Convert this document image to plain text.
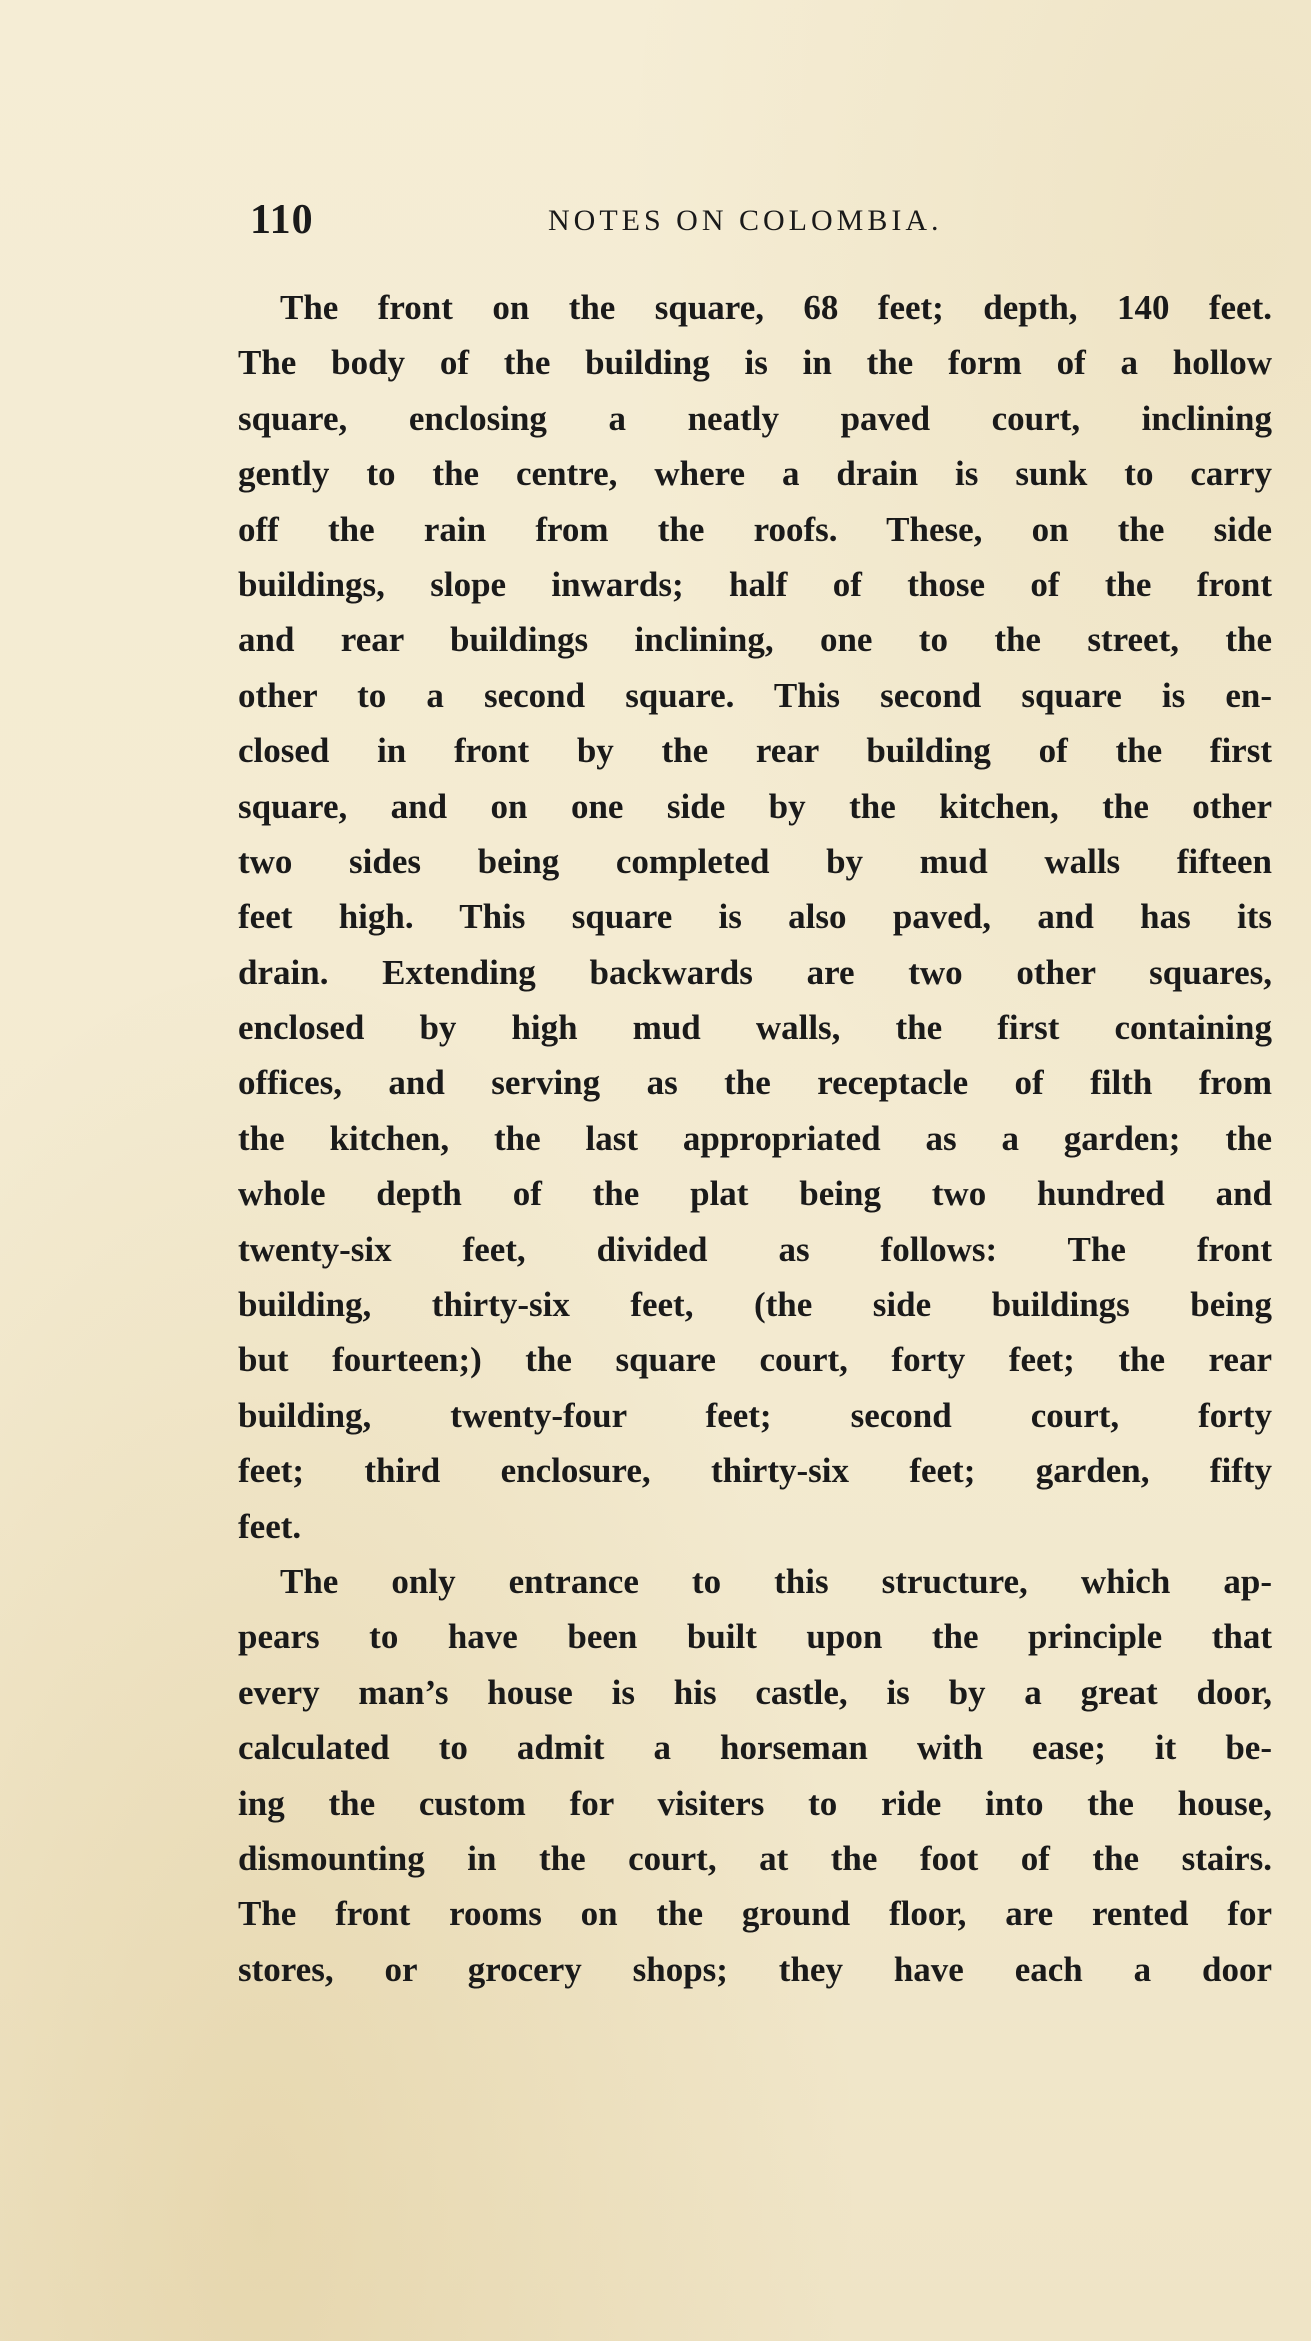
110	NOTES ON COLOMBIA.
The front on the square, 68 feet; depth, 140 feet.
The body of the building is in the form of a hollow
square, enclosing a neatly paved court, inclining
gently to the centre, where a drain is sunk to carry
off the rain from the roofs. These, on the side
buildings, slope inwards; half of those of the front
and rear buildings inclining, one to the street, the
other to a second square. This second square is en-
closed in front by the rear building of the first
square, and on one side by the kitchen, the other
two sides being completed by mud walls fifteen
feet high. This square is also paved, and has its
drain. Extending backwards are two other squares,
enclosed by high mud walls, the first containing
offices, and serving as the receptacle of filth from
the kitchen, the last appropriated as a garden; the
whole depth of the plat being two hundred and
twenty-six feet, divided as follows: The front
building, thirty-six feet, (the side buildings being
but fourteen;) the square court, forty feet; the rear
building, twenty-four feet; second court, forty
feet; third enclosure, thirty-six feet; garden, fifty
feet.
The only entrance to this structure, which ap-
pears to have been built upon the principle that
every man’s house is his castle, is by a great door,
calculated to admit a horseman with ease; it be-
ing the custom for visiters to ride into the house,
dismounting in the court, at the foot of the stairs.
The front rooms on the ground floor, are rented for
stores, or grocery shops; they have each a door
